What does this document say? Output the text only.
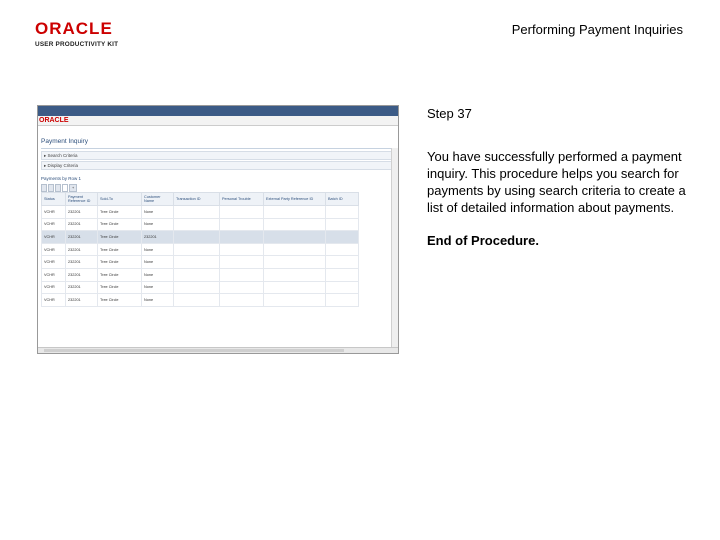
ORACLE
USER PRODUCTIVITY KIT
Performing Payment Inquiries
ORACLE
Payment Inquiry
▸ Search Criteria
▸ Display Criteria
Payments by Row 1
+
Status	Payment Reference ID	Sold-To	Customer Name	Transaction ID	Personal Trouble	External Party Reference ID	Batch ID
VCHR	232201	Tree Circle	None				
VCHR	232201	Tree Circle	None				
VCHR	232201	Tree Circle	232201				
VCHR	232201	Tree Circle	None				
VCHR	232201	Tree Circle	None				
VCHR	232201	Tree Circle	None				
VCHR	232201	Tree Circle	None				
VCHR	232201	Tree Circle	None				

Step 37

You have successfully performed a payment inquiry. This procedure helps you search for payments by using search criteria to create a list of detailed information about payments.

End of Procedure.
